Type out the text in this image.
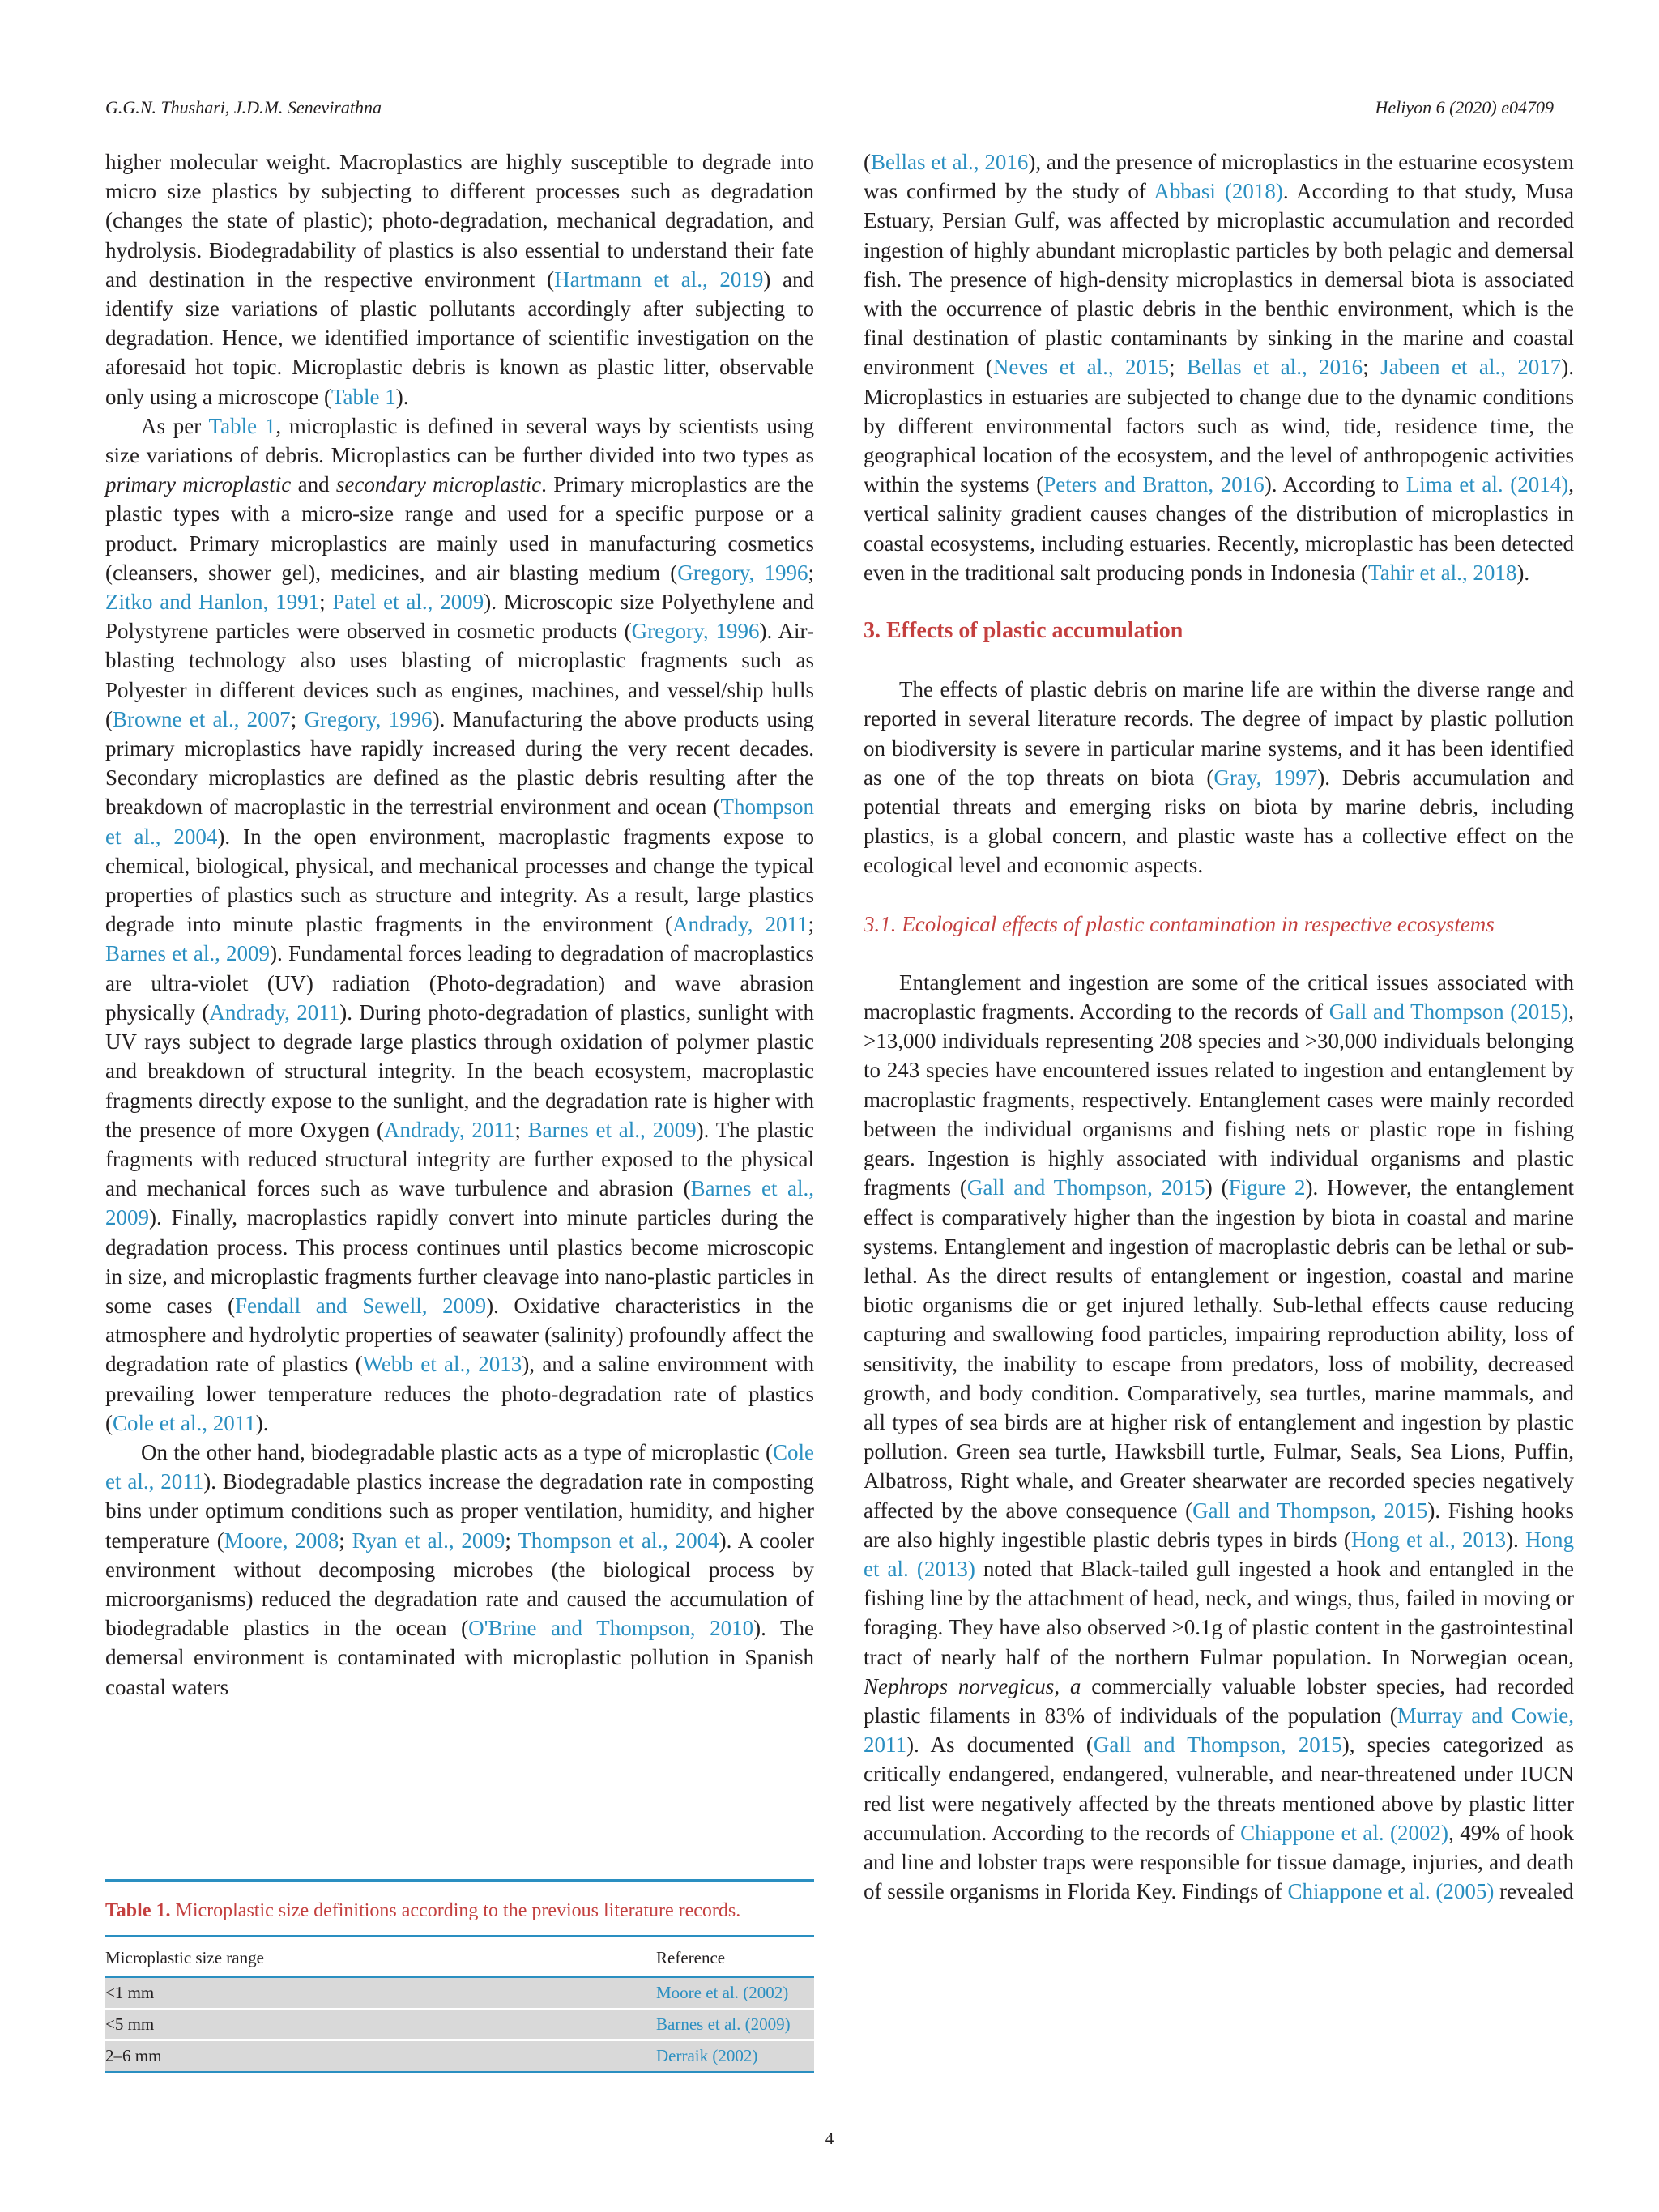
G.G.N. Thushari, J.D.M. Senevirathna	Heliyon 6 (2020) e04709

higher molecular weight. Macroplastics are highly susceptible to degrade into micro size plastics by subjecting to different processes such as degradation (changes the state of plastic); photo-degradation, mechanical degradation, and hydrolysis. Biodegradability of plastics is also essential to understand their fate and destination in the respective environment (Hartmann et al., 2019) and identify size variations of plastic pollutants accordingly after subjecting to degradation. Hence, we identified importance of scientific investigation on the aforesaid hot topic. Microplastic debris is known as plastic litter, observable only using a microscope (Table 1).

As per Table 1, microplastic is defined in several ways by scientists using size variations of debris. Microplastics can be further divided into two types as primary microplastic and secondary microplastic. Primary microplastics are the plastic types with a micro-size range and used for a specific purpose or a product. Primary microplastics are mainly used in manufacturing cosmetics (cleansers, shower gel), medicines, and air blasting medium (Gregory, 1996; Zitko and Hanlon, 1991; Patel et al., 2009). Microscopic size Polyethylene and Polystyrene particles were observed in cosmetic products (Gregory, 1996). Air-blasting technology also uses blasting of microplastic fragments such as Polyester in different devices such as engines, machines, and vessel/ship hulls (Browne et al., 2007; Gregory, 1996). Manufacturing the above products using primary microplastics have rapidly increased during the very recent decades. Secondary microplastics are defined as the plastic debris resulting after the breakdown of macroplastic in the terrestrial environment and ocean (Thompson et al., 2004). In the open environment, macroplastic fragments expose to chemical, biological, physical, and mechanical processes and change the typical properties of plastics such as structure and integrity. As a result, large plastics degrade into minute plastic fragments in the environment (Andrady, 2011; Barnes et al., 2009). Fundamental forces leading to degradation of macroplastics are ultra-violet (UV) radiation (Photo-degradation) and wave abrasion physically (Andrady, 2011). During photo-degradation of plastics, sunlight with UV rays subject to degrade large plastics through oxidation of polymer plastic and breakdown of structural integrity. In the beach ecosystem, macroplastic fragments directly expose to the sunlight, and the degradation rate is higher with the presence of more Oxygen (Andrady, 2011; Barnes et al., 2009). The plastic fragments with reduced structural integrity are further exposed to the physical and mechanical forces such as wave turbulence and abrasion (Barnes et al., 2009). Finally, macroplastics rapidly convert into minute particles during the degradation process. This process continues until plastics become microscopic in size, and microplastic fragments further cleavage into nano-plastic particles in some cases (Fendall and Sewell, 2009). Oxidative characteristics in the atmosphere and hydrolytic properties of seawater (salinity) profoundly affect the degradation rate of plastics (Webb et al., 2013), and a saline environment with prevailing lower temperature reduces the photo-degradation rate of plastics (Cole et al., 2011).

On the other hand, biodegradable plastic acts as a type of microplastic (Cole et al., 2011). Biodegradable plastics increase the degradation rate in composting bins under optimum conditions such as proper ventilation, humidity, and higher temperature (Moore, 2008; Ryan et al., 2009; Thompson et al., 2004). A cooler environment without decomposing microbes (the biological process by microorganisms) reduced the degradation rate and caused the accumulation of biodegradable plastics in the ocean (O'Brine and Thompson, 2010). The demersal environment is contaminated with microplastic pollution in Spanish coastal waters

Table 1. Microplastic size definitions according to the previous literature records.
Microplastic size range	Reference
<1 mm	Moore et al. (2002)
<5 mm	Barnes et al. (2009)
2–6 mm	Derraik (2002)

(Bellas et al., 2016), and the presence of microplastics in the estuarine ecosystem was confirmed by the study of Abbasi (2018). According to that study, Musa Estuary, Persian Gulf, was affected by microplastic accumulation and recorded ingestion of highly abundant microplastic particles by both pelagic and demersal fish. The presence of high-density microplastics in demersal biota is associated with the occurrence of plastic debris in the benthic environment, which is the final destination of plastic contaminants by sinking in the marine and coastal environment (Neves et al., 2015; Bellas et al., 2016; Jabeen et al., 2017). Microplastics in estuaries are subjected to change due to the dynamic conditions by different environmental factors such as wind, tide, residence time, the geographical location of the ecosystem, and the level of anthropogenic activities within the systems (Peters and Bratton, 2016). According to Lima et al. (2014), vertical salinity gradient causes changes of the distribution of microplastics in coastal ecosystems, including estuaries. Recently, microplastic has been detected even in the traditional salt producing ponds in Indonesia (Tahir et al., 2018).

3. Effects of plastic accumulation

The effects of plastic debris on marine life are within the diverse range and reported in several literature records. The degree of impact by plastic pollution on biodiversity is severe in particular marine systems, and it has been identified as one of the top threats on biota (Gray, 1997). Debris accumulation and potential threats and emerging risks on biota by marine debris, including plastics, is a global concern, and plastic waste has a collective effect on the ecological level and economic aspects.

3.1. Ecological effects of plastic contamination in respective ecosystems

Entanglement and ingestion are some of the critical issues associated with macroplastic fragments. According to the records of Gall and Thompson (2015), >13,000 individuals representing 208 species and >30,000 individuals belonging to 243 species have encountered issues related to ingestion and entanglement by macroplastic fragments, respectively. Entanglement cases were mainly recorded between the individual organisms and fishing nets or plastic rope in fishing gears. Ingestion is highly associated with individual organisms and plastic fragments (Gall and Thompson, 2015) (Figure 2). However, the entanglement effect is comparatively higher than the ingestion by biota in coastal and marine systems. Entanglement and ingestion of macroplastic debris can be lethal or sub-lethal. As the direct results of entanglement or ingestion, coastal and marine biotic organisms die or get injured lethally. Sub-lethal effects cause reducing capturing and swallowing food particles, impairing reproduction ability, loss of sensitivity, the inability to escape from predators, loss of mobility, decreased growth, and body condition. Comparatively, sea turtles, marine mammals, and all types of sea birds are at higher risk of entanglement and ingestion by plastic pollution. Green sea turtle, Hawksbill turtle, Fulmar, Seals, Sea Lions, Puffin, Albatross, Right whale, and Greater shearwater are recorded species negatively affected by the above consequence (Gall and Thompson, 2015). Fishing hooks are also highly ingestible plastic debris types in birds (Hong et al., 2013). Hong et al. (2013) noted that Black-tailed gull ingested a hook and entangled in the fishing line by the attachment of head, neck, and wings, thus, failed in moving or foraging. They have also observed >0.1g of plastic content in the gastrointestinal tract of nearly half of the northern Fulmar population. In Norwegian ocean, Nephrops norvegicus, a commercially valuable lobster species, had recorded plastic filaments in 83% of individuals of the population (Murray and Cowie, 2011). As documented (Gall and Thompson, 2015), species categorized as critically endangered, endangered, vulnerable, and near-threatened under IUCN red list were negatively affected by the threats mentioned above by plastic litter accumulation. According to the records of Chiappone et al. (2002), 49% of hook and line and lobster traps were responsible for tissue damage, injuries, and death of sessile organisms in Florida Key. Findings of Chiappone et al. (2005) revealed

4
